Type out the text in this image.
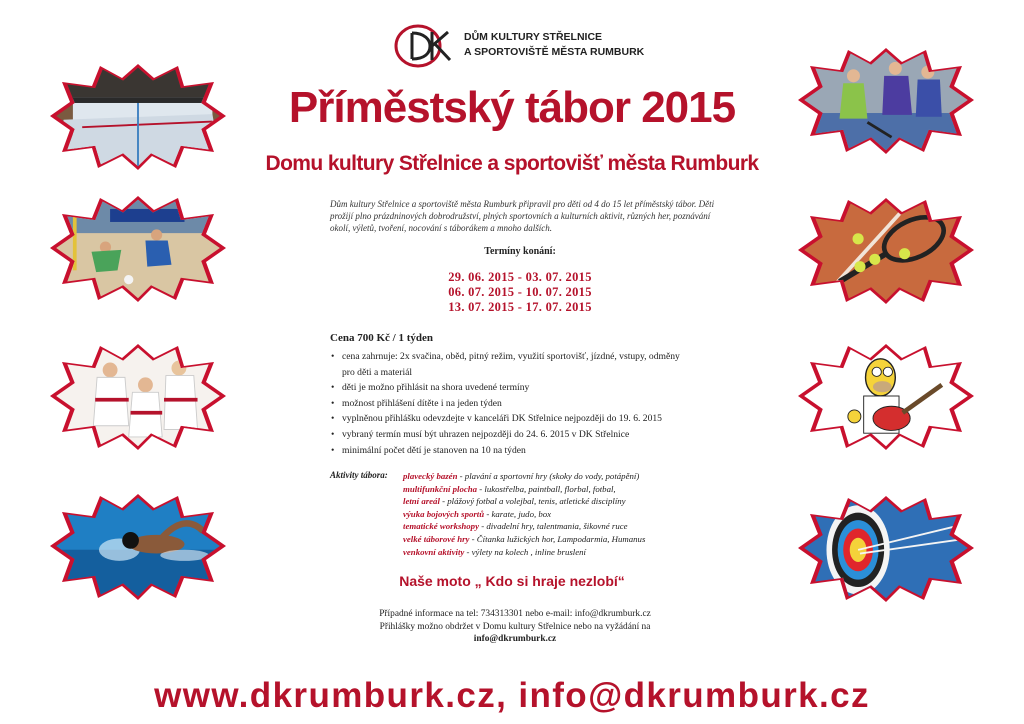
DŮM KULTURY STŘELNICE
A SPORTOVIŠTĚ MĚSTA RUMBURK
Příměstský tábor 2015
Domu kultury Střelnice a sportovišť města Rumburk
Dům kultury Střelnice a sportoviště města Rumburk připravil pro děti od 4 do 15 let příměstský tábor. Děti prožijí plno prázdninových dobrodružství, plných sportovních a kulturních aktivit, různých her, poznávání okolí, výletů, tvoření, nocování s táborákem a mnoho dalších.
Termíny konání:
29. 06. 2015 - 03. 07. 2015
06. 07. 2015 - 10. 07. 2015
13. 07. 2015 - 17. 07. 2015
Cena 700 Kč / 1 týden
• cena zahrnuje: 2x svačina, oběd, pitný režim, využití sportovišť, jízdné, vstupy, odměny
pro děti a materiál
• děti je možno přihlásit na shora uvedené termíny
• možnost přihlášení dítěte i na jeden týden
• vyplněnou přihlášku odevzdejte v kanceláři DK Střelnice nejpozději do 19. 6. 2015
• vybraný termín musí být uhrazen nejpozději do 24. 6. 2015 v DK Střelnice
• minimální počet dětí je stanoven na 10 na týden
Aktivity tábora: plavecký bazén - plavání a sportovní hry (skoky do vody, potápění)
multifunkční plocha - lukostřelba, paintball, florbal, fotbal,
letní areál - plážový fotbal a volejbal, tenis, atletické disciplíny
výuka bojových sportů - karate, judo, box
tematické workshopy - divadelní hry, talentmania, šikovné ruce
velké táborové hry - Čítanka lužických hor, Lampodarmia, Humanus
venkovní aktivity - výlety na kolech , inline bruslení
Naše moto „ Kdo si hraje nezlobí“
Případné informace na tel: 734313301 nebo e-mail: info@dkrumburk.cz
Přihlášky možno obdržet v Domu kultury Střelnice nebo na vyžádání na
info@dkrumburk.cz
www.dkrumburk.cz, info@dkrumburk.cz
